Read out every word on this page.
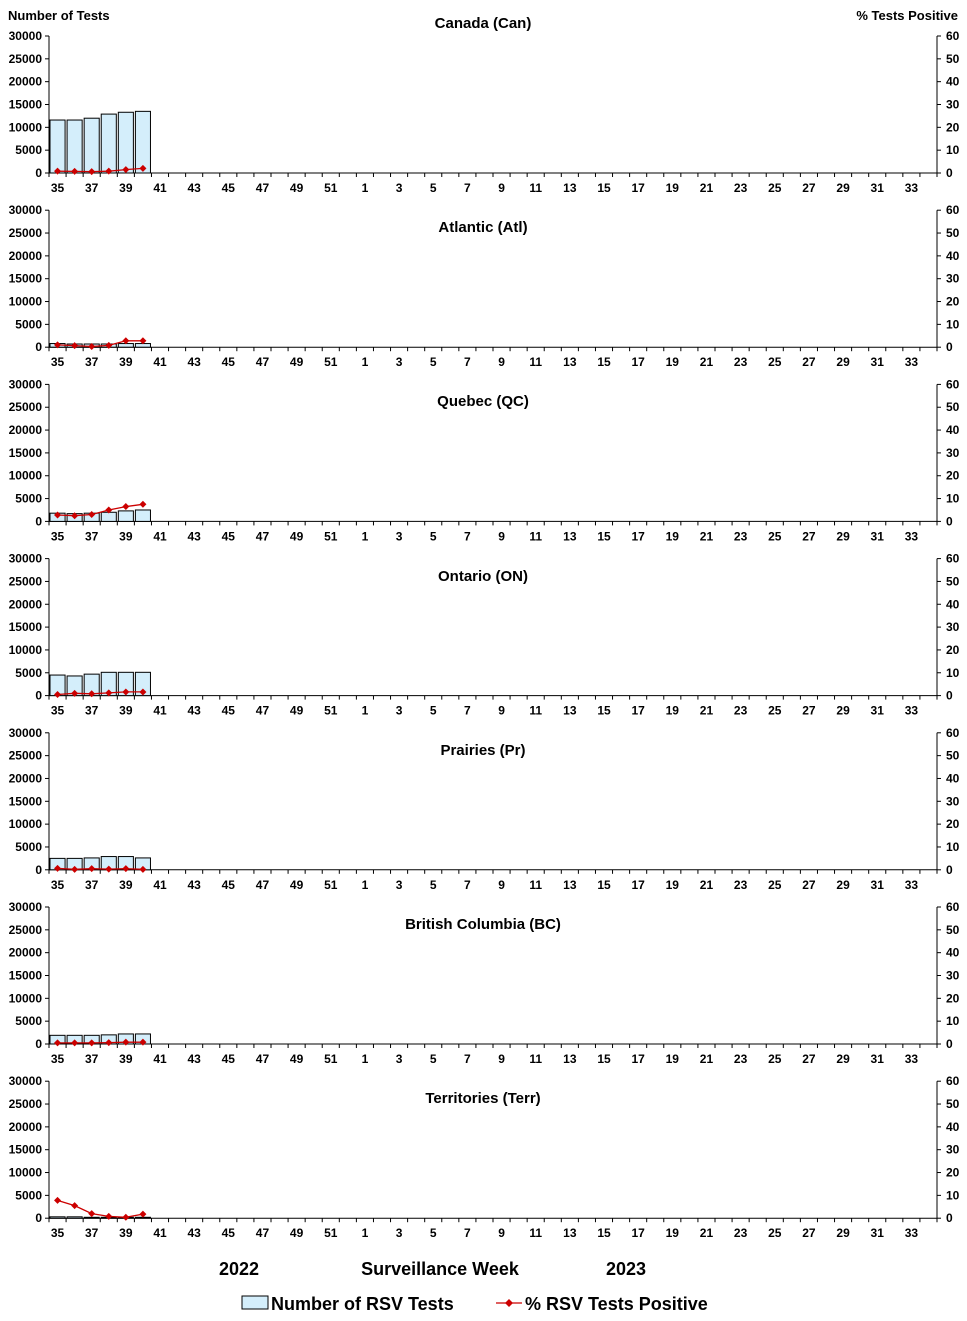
Number of Tests	% Tests Positive
Canada (Can)
30000
25000
20000
15000
10000
5000
0
60
50
40
30
20
10
0
35 37 39 41 43 45 47 49 51 1 3 5 7 9 11 13 15 17 19 21 23 25 27 29 31 33
Atlantic (Atl)
30000
25000
20000
15000
10000
5000
0
60
50
40
30
20
10
0
35 37 39 41 43 45 47 49 51 1 3 5 7 9 11 13 15 17 19 21 23 25 27 29 31 33
Quebec (QC)
30000
25000
20000
15000
10000
5000
0
60
50
40
30
20
10
0
35 37 39 41 43 45 47 49 51 1 3 5 7 9 11 13 15 17 19 21 23 25 27 29 31 33
Ontario (ON)
30000
25000
20000
15000
10000
5000
0
60
50
40
30
20
10
0
35 37 39 41 43 45 47 49 51 1 3 5 7 9 11 13 15 17 19 21 23 25 27 29 31 33
Prairies (Pr)
30000
25000
20000
15000
10000
5000
0
60
50
40
30
20
10
0
35 37 39 41 43 45 47 49 51 1 3 5 7 9 11 13 15 17 19 21 23 25 27 29 31 33
British Columbia (BC)
30000
25000
20000
15000
10000
5000
0
60
50
40
30
20
10
0
35 37 39 41 43 45 47 49 51 1 3 5 7 9 11 13 15 17 19 21 23 25 27 29 31 33
Territories (Terr)
30000
25000
20000
15000
10000
5000
0
60
50
40
30
20
10
0
35 37 39 41 43 45 47 49 51 1 3 5 7 9 11 13 15 17 19 21 23 25 27 29 31 33
2022	Surveillance Week	2023
Number of RSV Tests	% RSV Tests Positive
